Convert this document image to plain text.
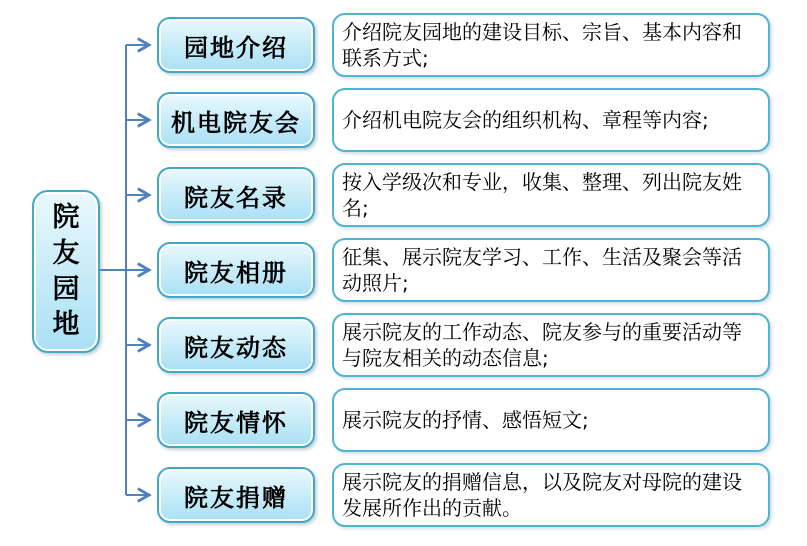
院友园地
园地介绍
介绍院友园地的建设目标、宗旨、基本内容和联系方式;
机电院友会 介绍机电院友会的组织机构、章程等内容;
院友名录
按入学级次和专业，收集、整理、列出院友姓名;
院友相册
征集、展示院友学习、工作、生活及聚会等活动照片;
院友动态
展示院友的工作动态、院友参与的重要活动等与院友相关的动态信息;
院友情怀	展示院友的抒情、感悟短文;
院友捐赠
展示院友的捐赠信息，以及院友对母院的建设发展所作出的贡献。
